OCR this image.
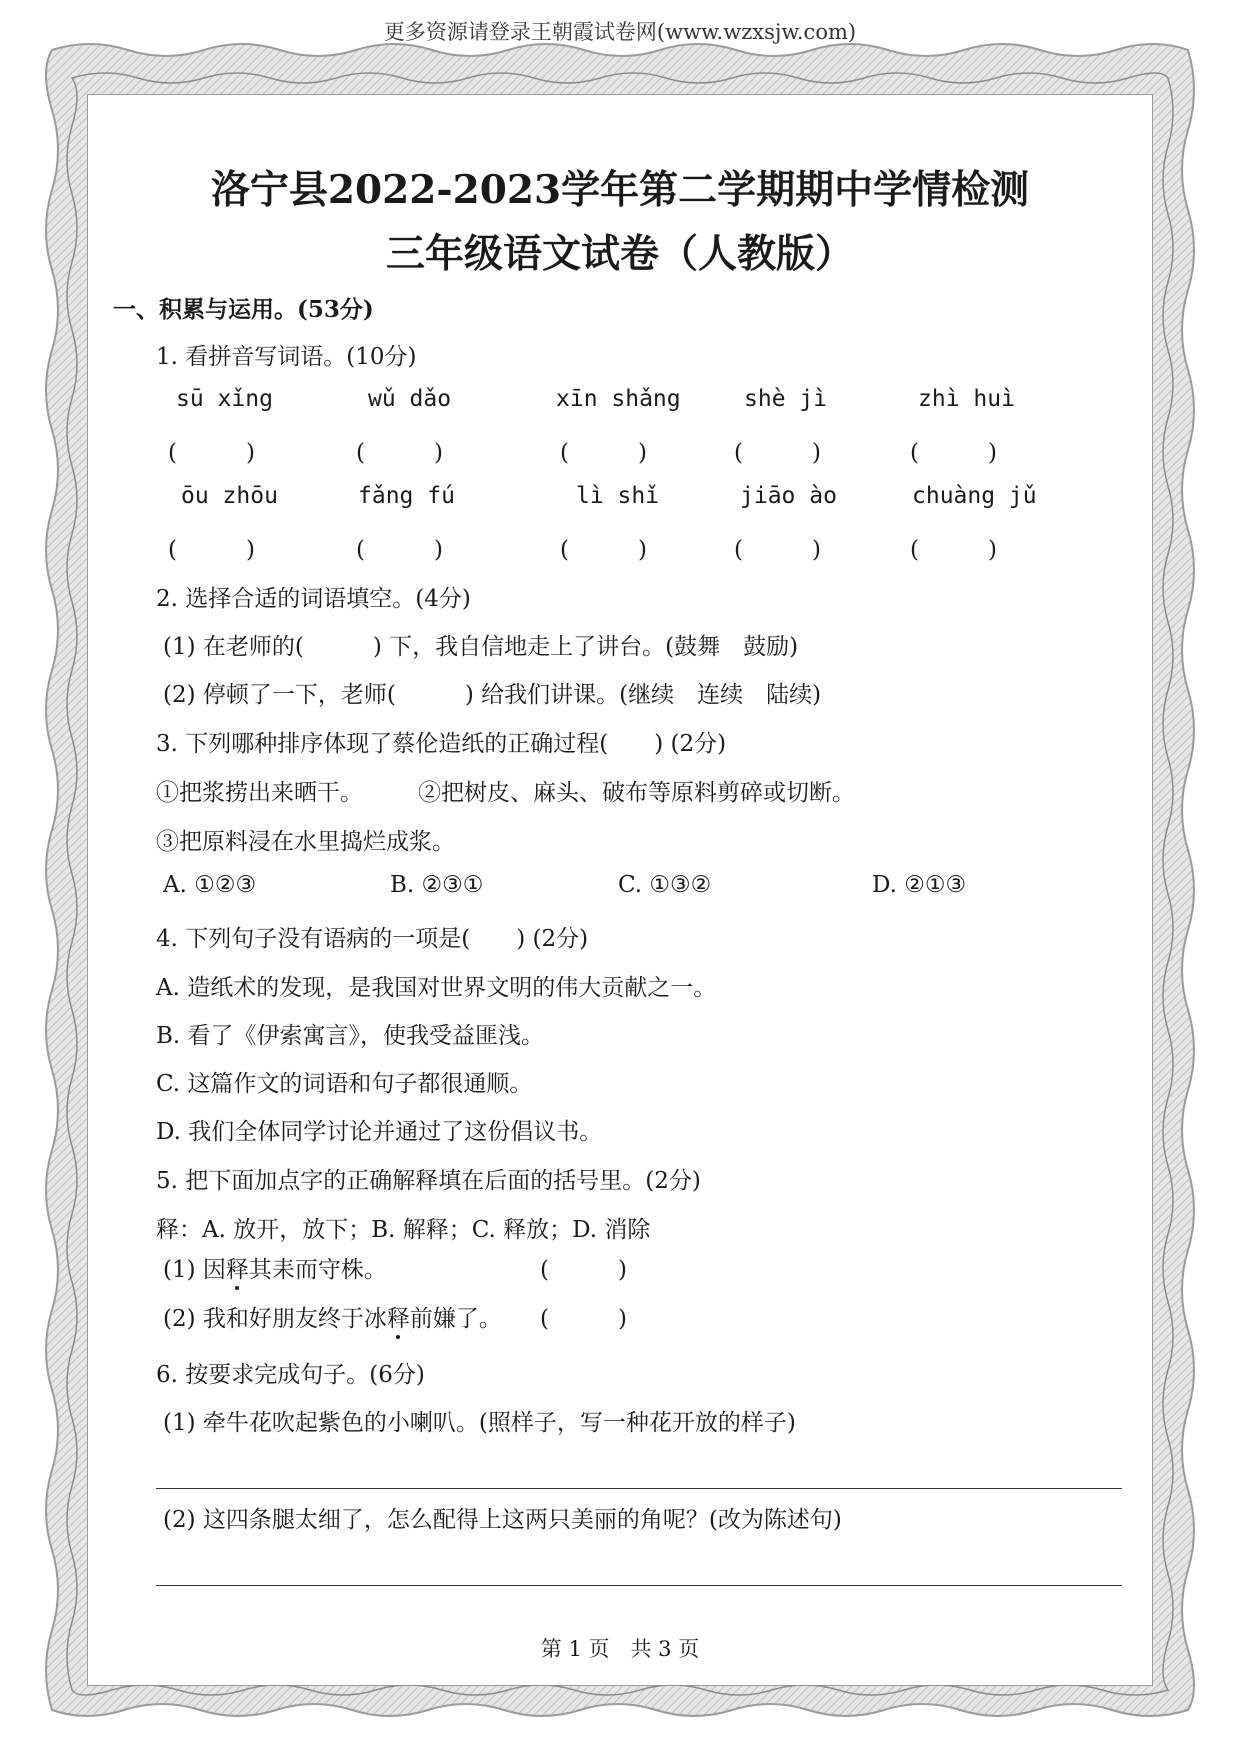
更多资源请登录王朝霞试卷网(www.wzxsjw.com)
洛宁县2022-2023学年第二学期期中学情检测
三年级语文试卷（人教版）
一、积累与运用。(53分)
1. 看拼音写词语。(10分)
sū xǐng	wǔ dǎo	xīn shǎng	shè jì	zhì huì
(　　　)	(　　　)	(　　　)	(　　　)	(　　　)
ōu zhōu	fǎng fú	lì shǐ	jiāo ào	chuàng jǔ
(　　　)	(　　　)	(　　　)	(　　　)	(　　　)
2. 选择合适的词语填空。(4分)
(1) 在老师的(　　　) 下，我自信地走上了讲台。(鼓舞　鼓励)
(2) 停顿了一下，老师(　　　) 给我们讲课。(继续　连续　陆续)
3. 下列哪种排序体现了蔡伦造纸的正确过程(　　) (2分)
①把浆捞出来晒干。 ②把树皮、麻头、破布等原料剪碎或切断。
③把原料浸在水里捣烂成浆。
A. ①②③	B. ②③①	C. ①③②	D. ②①③
4. 下列句子没有语病的一项是(　　) (2分)
A. 造纸术的发现，是我国对世界文明的伟大贡献之一。
B. 看了《伊索寓言》，使我受益匪浅。
C. 这篇作文的词语和句子都很通顺。
D. 我们全体同学讨论并通过了这份倡议书。
5. 把下面加点字的正确解释填在后面的括号里。(2分)
释：A. 放开，放下；B. 解释；C. 释放；D. 消除
(1) 因释其耒而守株。	(　　　)
(2) 我和好朋友终于冰释前嫌了。 (　　　)
6. 按要求完成句子。(6分)
(1) 牵牛花吹起紫色的小喇叭。(照样子，写一种花开放的样子)
(2) 这四条腿太细了，怎么配得上这两只美丽的角呢？(改为陈述句)
第 1 页　共 3 页
